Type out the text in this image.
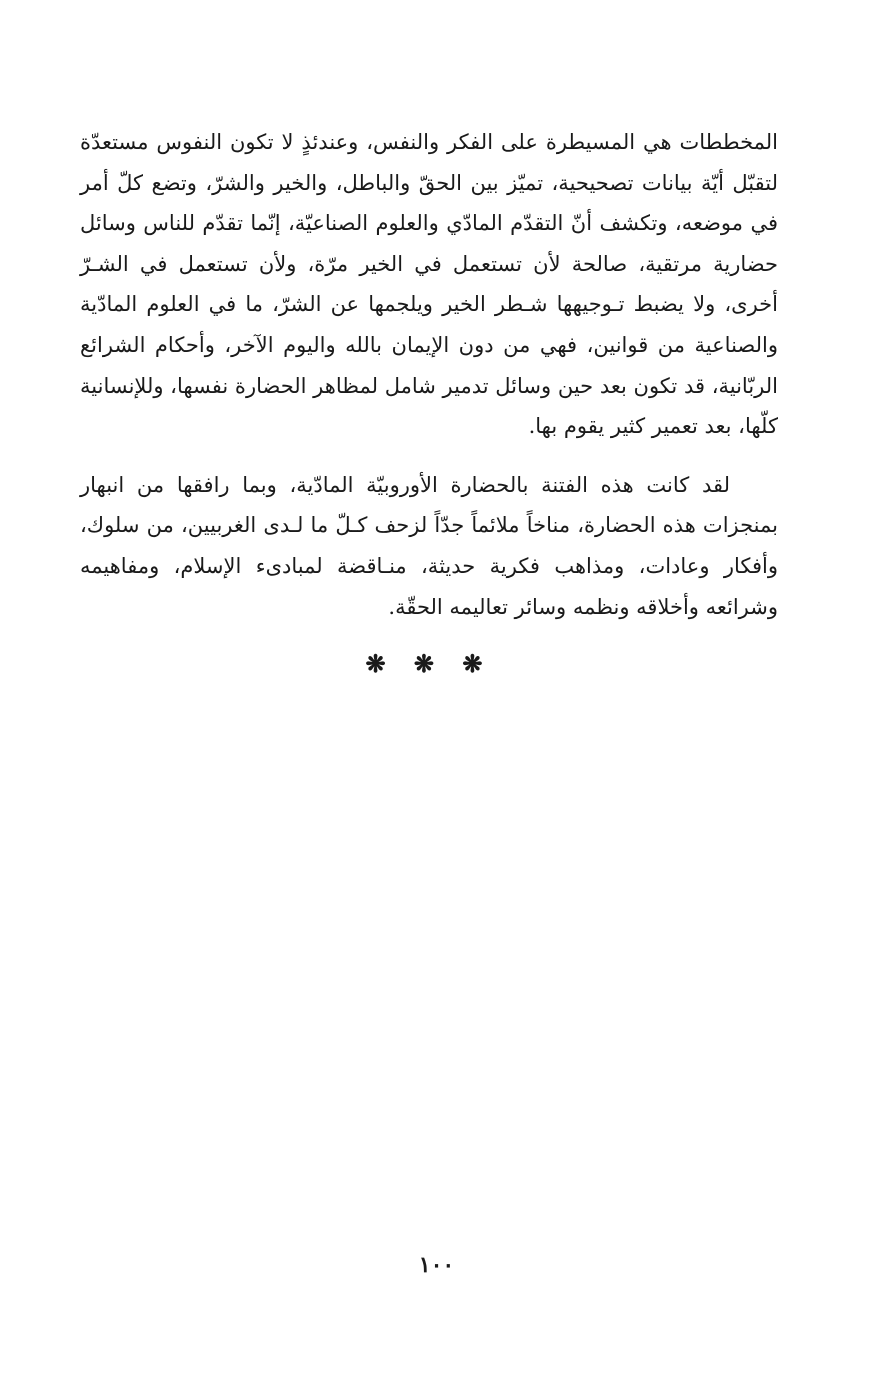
المخططات هي المسيطرة على الفكر والنفس، وعندئذٍ لا تكون النفوس مستعدّة لتقبّل أيّة بيانات تصحيحية، تميّز بين الحقّ والباطل، والخير والشرّ، وتضع كلّ أمر في موضعه، وتكشف أنّ التقدّم المادّي والعلوم الصناعيّة، إنّما تقدّم للناس وسائل حضارية مرتقية، صالحة لأن تستعمل في الخير مرّة، ولأن تستعمل في الشـرّ أخرى، ولا يضبط تـوجيهها شـطر الخير ويلجمها عن الشرّ، ما في العلوم المادّية والصناعية من قوانين، فهي من دون الإيمان بالله واليوم الآخر، وأحكام الشرائع الربّانية، قد تكون بعد حين وسائل تدمير شامل لمظاهر الحضارة نفسها، وللإنسانية كلّها، بعد تعمير كثير يقوم بها.

لقد كانت هذه الفتنة بالحضارة الأوروبيّة المادّية، وبما رافقها من انبهار بمنجزات هذه الحضارة، مناخاً ملائماً جدّاً لزحف كـلّ ما لـدى الغربيين، من سلوك، وأفكار وعادات، ومذاهب فكرية حديثة، منـاقضة لمبادىء الإسلام، ومفاهيمه وشرائعه وأخلاقه ونظمه وسائر تعاليمه الحقّة.

❋ ❋ ❋
١٠٠
